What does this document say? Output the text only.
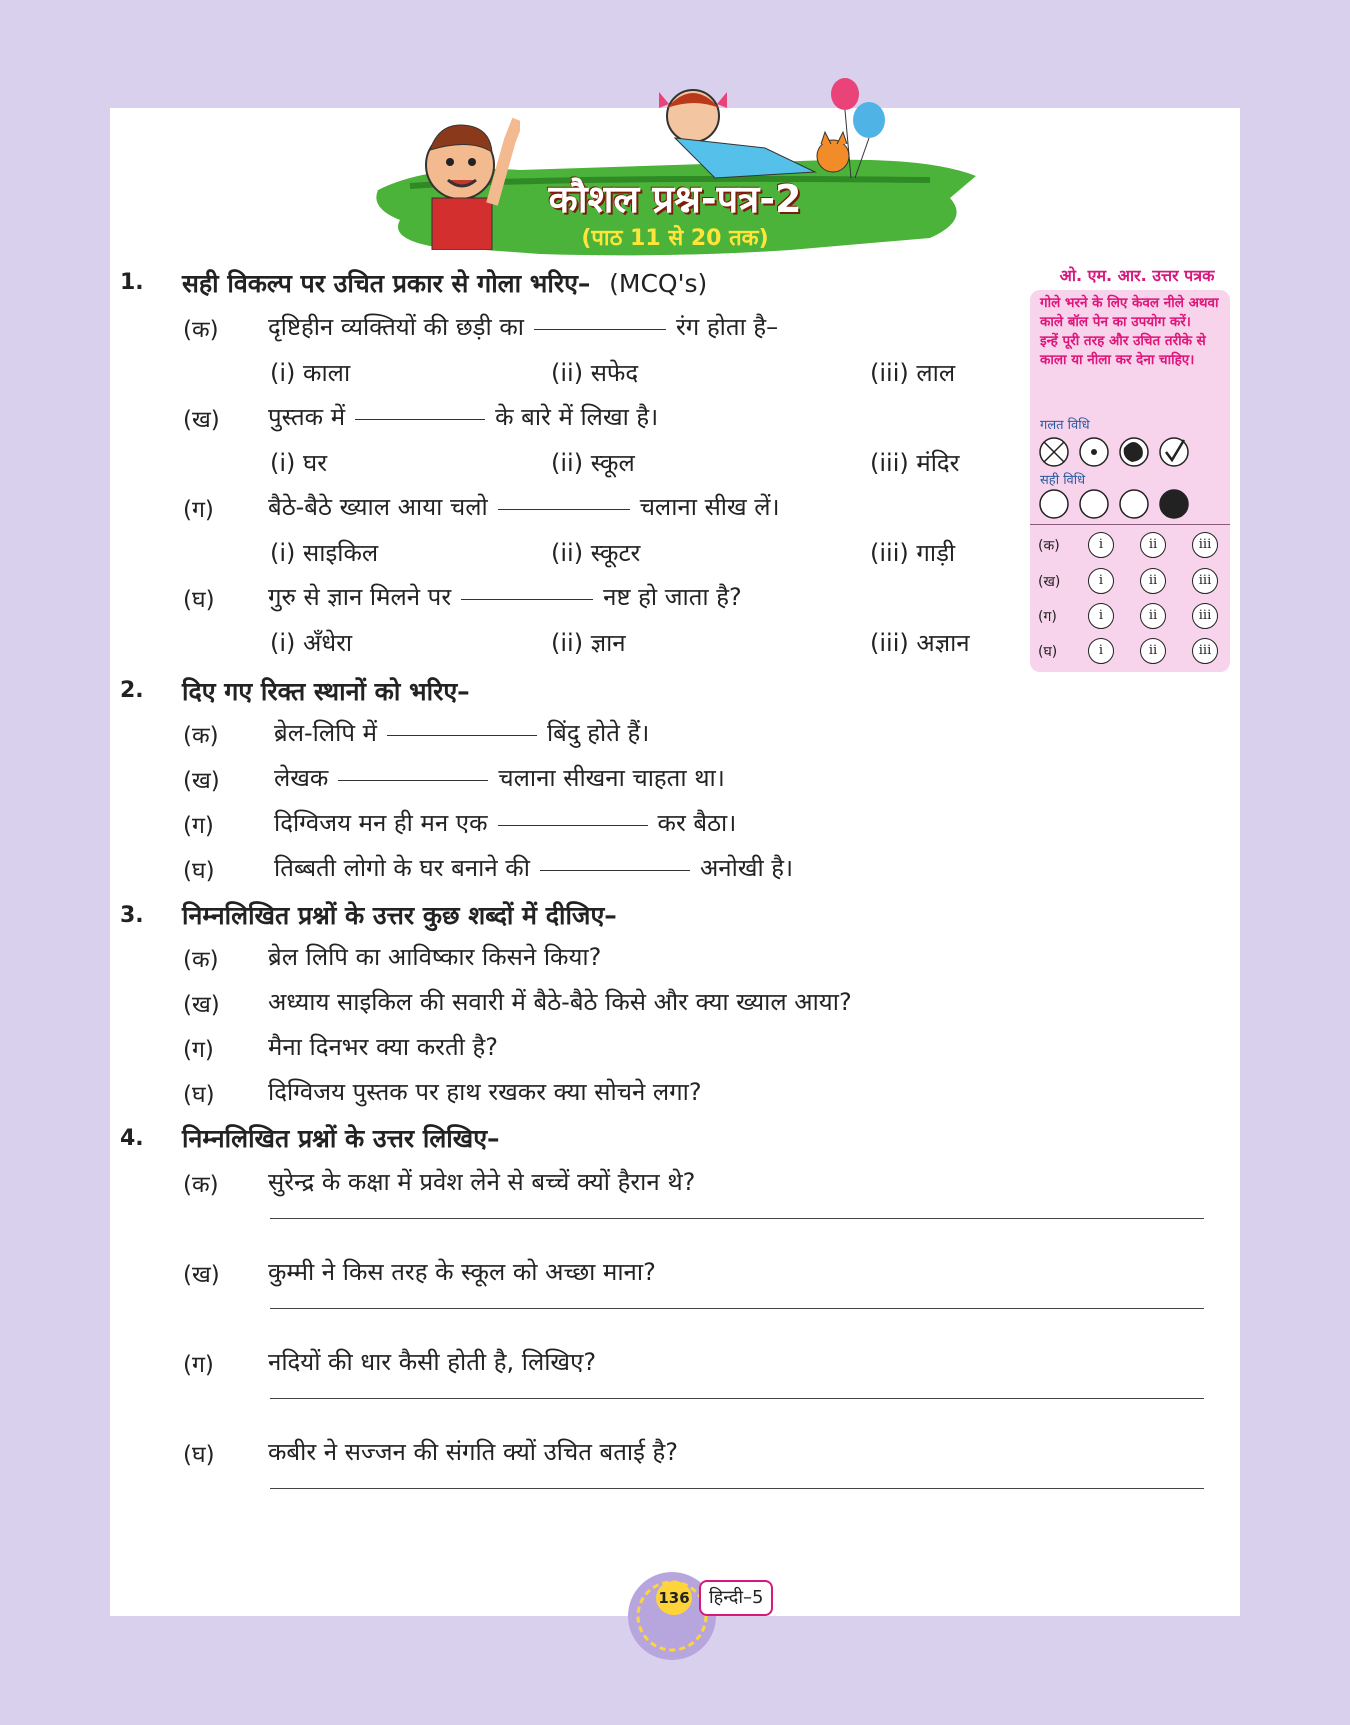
कौशल प्रश्न-पत्र-2
(पाठ 11 से 20 तक)
1. सही विकल्प पर उचित प्रकार से गोला भरिए– (MCQ's)
(क) दृष्टिहीन व्यक्तियों की छड़ी का	रंग होता है–
(i) काला	(ii) सफेद	(iii) लाल
(ख) पुस्तक में	के बारे में लिखा है।
(i) घर	(ii) स्कूल	(iii) मंदिर
(ग) बैठे-बैठे ख्याल आया चलो	चलाना सीख लें।
(i) साइकिल	(ii) स्कूटर	(iii) गाड़ी
(घ) गुरु से ज्ञान मिलने पर	नष्ट हो जाता है?
(i) अँधेरा	(ii) ज्ञान	(iii) अज्ञान
2. दिए गए रिक्त स्थानों को भरिए–
(क) ब्रेल-लिपि में	बिंदु होते हैं।
(ख) लेखक	चलाना सीखना चाहता था।
(ग)	दिग्विजय मन ही मन एक	कर बैठा।
(घ) तिब्बती लोगो के घर बनाने की	अनोखी है।
3. निम्नलिखित प्रश्नों के उत्तर कुछ शब्दों में दीजिए–
(क) ब्रेल लिपि का आविष्कार किसने किया?
(ख) अध्याय साइकिल की सवारी में बैठे-बैठे किसे और क्या ख्याल आया?
(ग) मैना दिनभर क्या करती है?
(घ) दिग्विजय पुस्तक पर हाथ रखकर क्या सोचने लगा?
4. निम्नलिखित प्रश्नों के उत्तर लिखिए–
(क) सुरेन्द्र के कक्षा में प्रवेश लेने से बच्चें क्यों हैरान थे?
(ख) कुम्मी ने किस तरह के स्कूल को अच्छा माना?
(ग) नदियों की धार कैसी होती है, लिखिए?
(घ) कबीर ने सज्जन की संगति क्यों उचित बताई है?
ओ. एम. आर. उत्तर पत्रक
गोले भरने के लिए केवल नीले अथवा काले बॉल पेन का उपयोग करें।
इन्हें पूरी तरह और उचित तरीके से काला या नीला कर देना चाहिए।
गलत विधि
सही विधि
(क)	i	ii	iii
(ख)	i	ii	iii
(ग)	i	ii	iii
(घ)	i	ii	iii
136	हिन्दी–5
